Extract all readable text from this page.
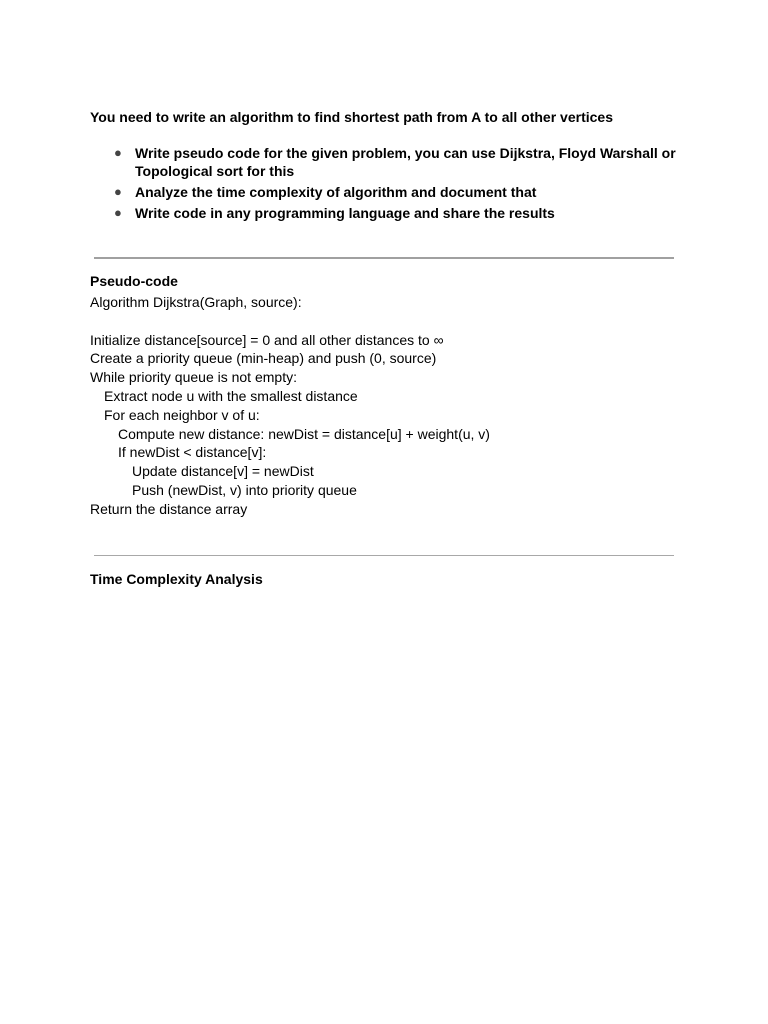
You need to write an algorithm to find shortest path from A to all other vertices

● Write pseudo code for the given problem, you can use Dijkstra, Floyd Warshall or Topological sort for this
● Analyze the time complexity of algorithm and document that
● Write code in any programming language and share the results
Pseudo-code
Algorithm Dijkstra(Graph, source):
Initialize distance[source] = 0 and all other distances to ∞
Create a priority queue (min-heap) and push (0, source)
While priority queue is not empty:
Extract node u with the smallest distance
For each neighbor v of u:
Compute new distance: newDist = distance[u] + weight(u, v)
If newDist < distance[v]:
Update distance[v] = newDist
Push (newDist, v) into priority queue
Return the distance array
Time Complexity Analysis
